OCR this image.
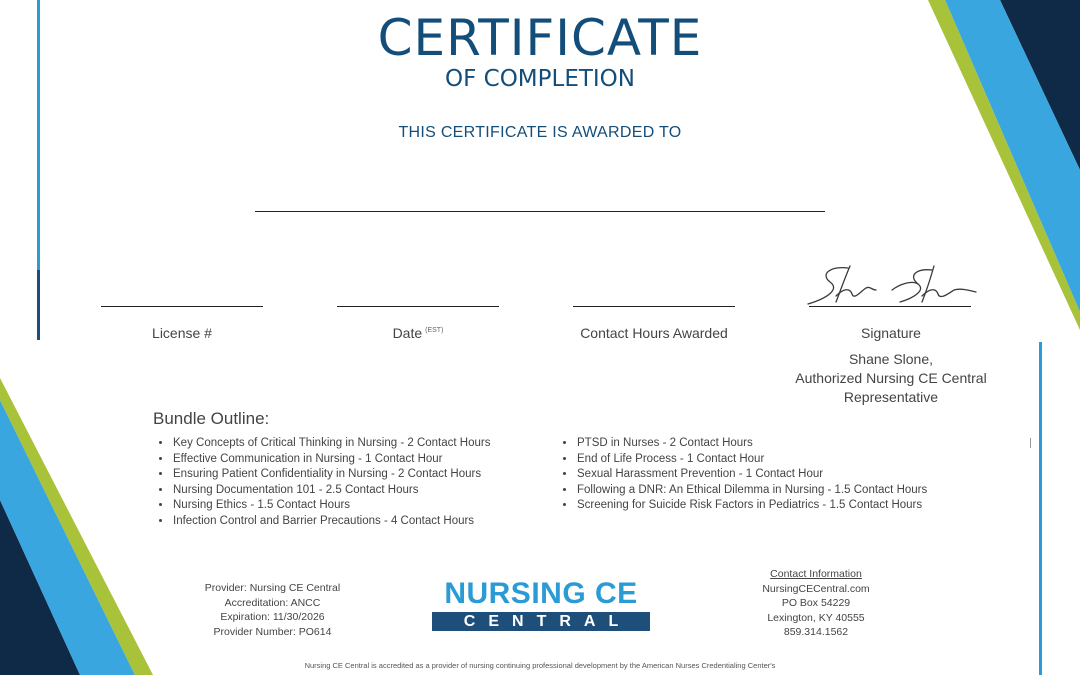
CERTIFICATE
OF COMPLETION
THIS CERTIFICATE IS AWARDED TO
License #	Date $^{(EST)}$	Contact Hours Awarded	Signature
Shane Slone,
Authorized Nursing CE Central
Representative
Bundle Outline:
• Key Concepts of Critical Thinking in Nursing - 2 Contact Hours
• Effective Communication in Nursing - 1 Contact Hour
• Ensuring Patient Confidentiality in Nursing - 2 Contact Hours
• Nursing Documentation 101 - 2.5 Contact Hours
• Nursing Ethics - 1.5 Contact Hours
• Infection Control and Barrier Precautions - 4 Contact Hours
• PTSD in Nurses - 2 Contact Hours
• End of Life Process - 1 Contact Hour
• Sexual Harassment Prevention - 1 Contact Hour
• Following a DNR: An Ethical Dilemma in Nursing - 1.5 Contact Hours
• Screening for Suicide Risk Factors in Pediatrics - 1.5 Contact Hours
Provider: Nursing CE Central
Accreditation: ANCC
Expiration: 11/30/2026
Provider Number: PO614
NURSING CE
CENTRAL
Contact Information
NursingCECentral.com
PO Box 54229
Lexington, KY 40555
859.314.1562
Nursing CE Central is accredited as a provider of nursing continuing professional development by the American Nurses Credentialing Center's
